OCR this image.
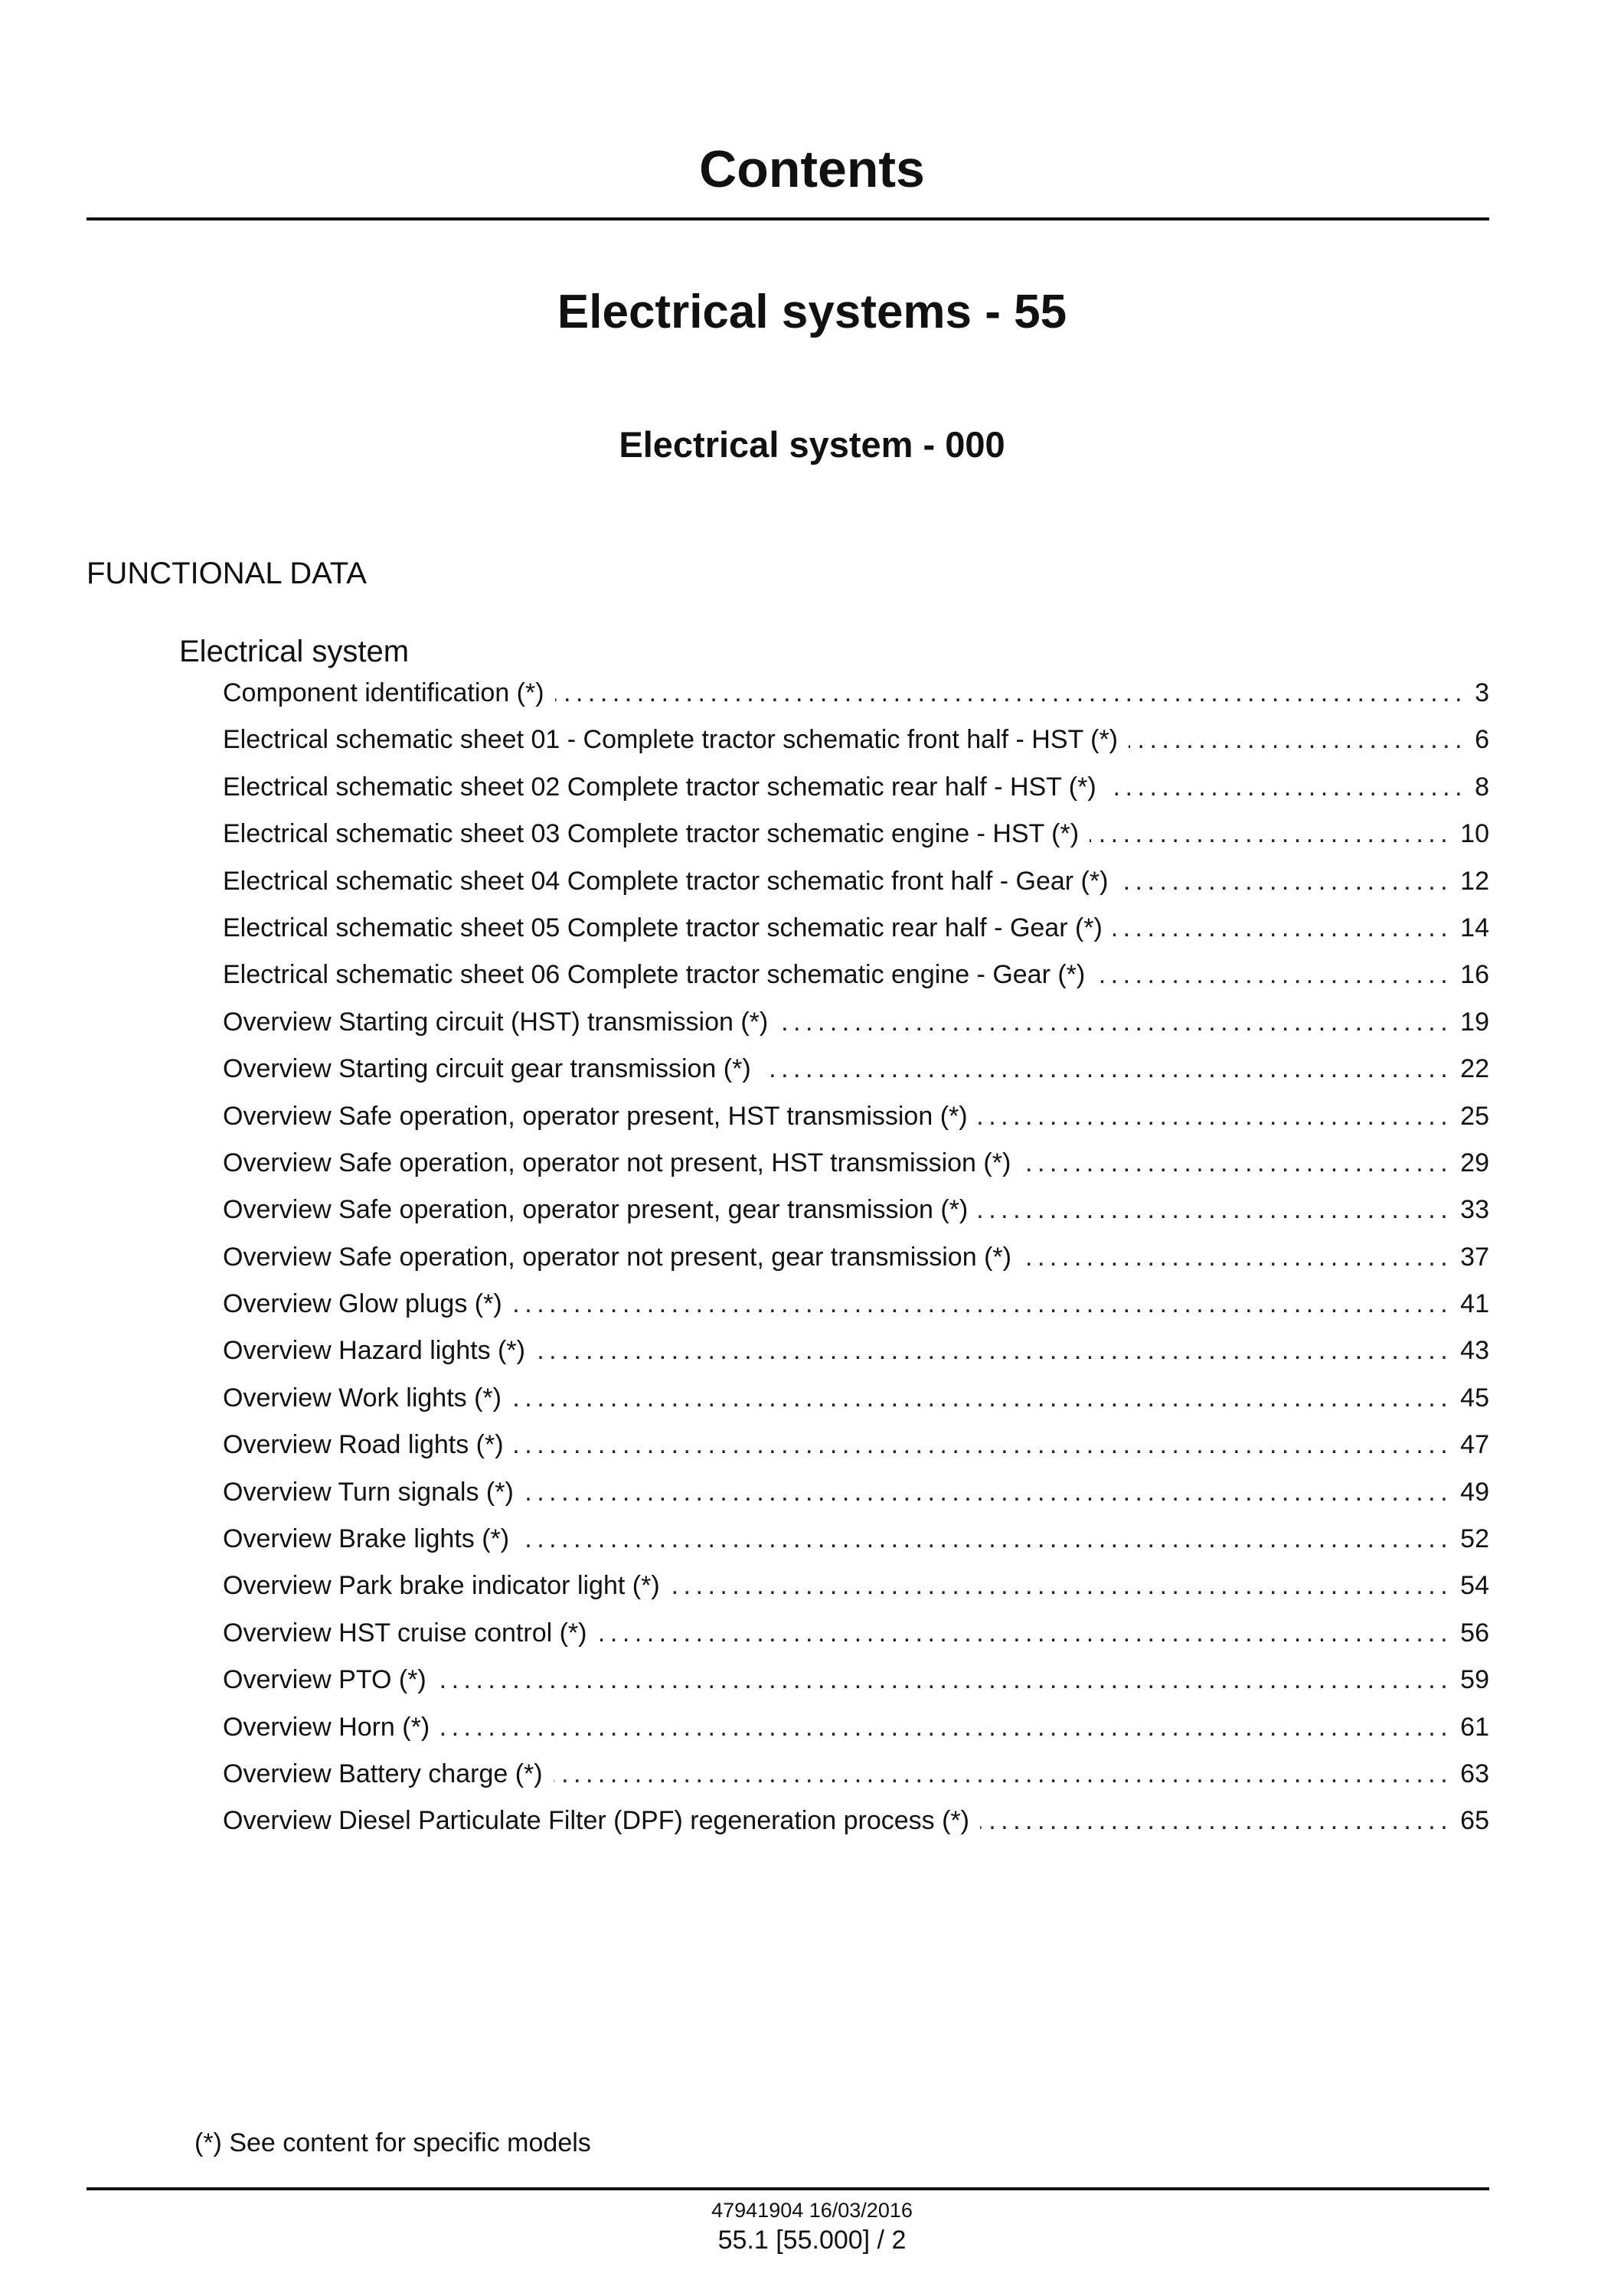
Contents
Electrical systems - 55
Electrical system - 000
FUNCTIONAL DATA
Electrical system
Component identification (*) .....	3
Electrical schematic sheet 01 - Complete tractor schematic front half - HST (*) .....	6
Electrical schematic sheet 02 Complete tractor schematic rear half - HST (*) .....	8
Electrical schematic sheet 03 Complete tractor schematic engine - HST (*) .....	10
Electrical schematic sheet 04 Complete tractor schematic front half - Gear (*) .....	12
Electrical schematic sheet 05 Complete tractor schematic rear half - Gear (*) .....	14
Electrical schematic sheet 06 Complete tractor schematic engine - Gear (*) .....	16
Overview Starting circuit (HST) transmission (*) .....	19
Overview Starting circuit gear transmission (*) .....	22
Overview Safe operation, operator present, HST transmission (*) .....	25
Overview Safe operation, operator not present, HST transmission (*) .....	29
Overview Safe operation, operator present, gear transmission (*) .....	33
Overview Safe operation, operator not present, gear transmission (*) .....	37
Overview Glow plugs (*) .....	41
Overview Hazard lights (*) .....	43
Overview Work lights (*) .....	45
Overview Road lights (*) .....	47
Overview Turn signals (*) .....	49
Overview Brake lights (*) .....	52
Overview Park brake indicator light (*) .....	54
Overview HST cruise control (*) .....	56
Overview PTO (*) .....	59
Overview Horn (*) .....	61
Overview Battery charge (*) .....	63
Overview Diesel Particulate Filter (DPF) regeneration process (*) .....	65
(*) See content for specific models
47941904 16/03/2016
55.1 [55.000] / 2
